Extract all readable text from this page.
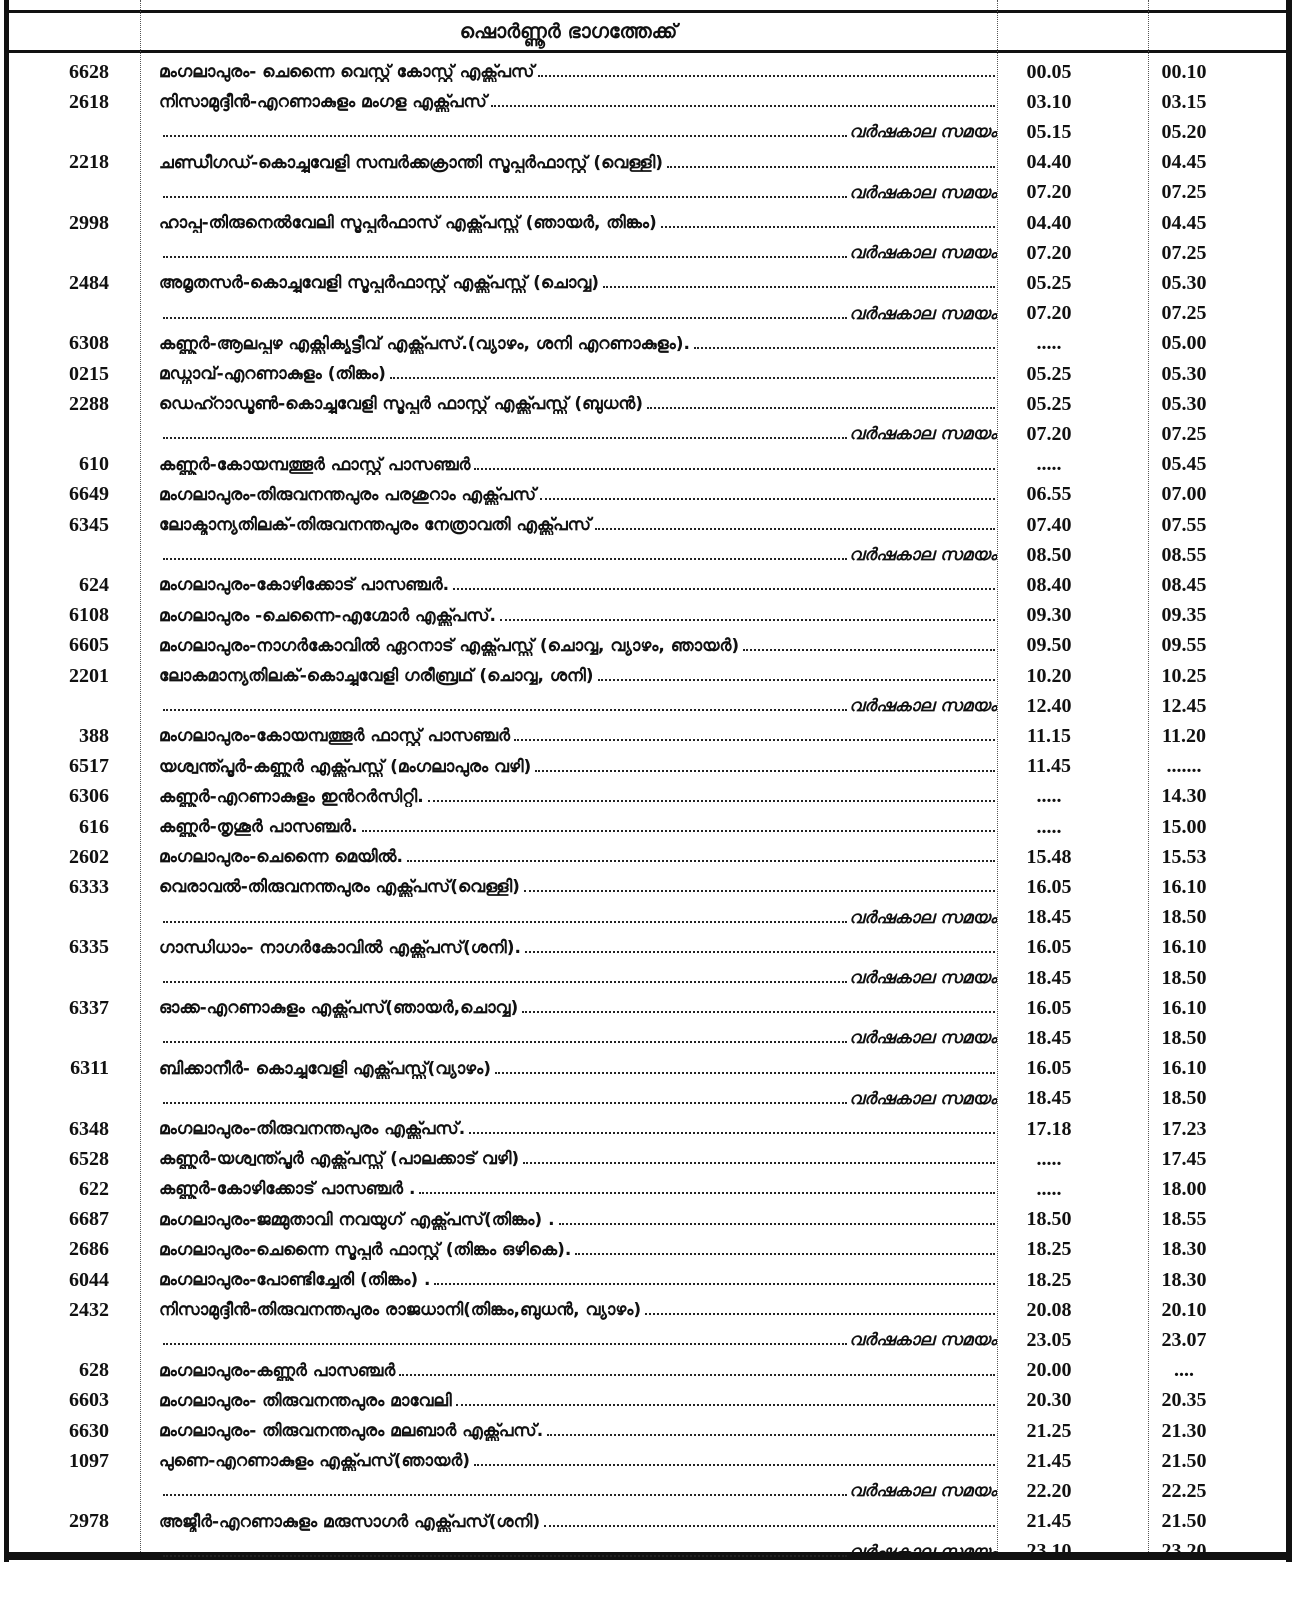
ഷൊർണ്ണൂർ ഭാഗത്തേക്ക്
6628	മംഗലാപുരം- ചെന്നൈ വെസ്റ്റ് കോസ്റ്റ് എക്സ്പ്രസ്	00.05	00.10
2618	നിസാമുദ്ദീൻ-എറണാകുളം മംഗള എക്സ്പ്രസ്	03.10	03.15
വർഷകാല സമയം	05.15	05.20
2218	ചണ്ഡീഗഡ്-കൊച്ചുവേളി സമ്പർക്കക്രാന്തി സൂപ്പർഫാസ്റ്റ് (വെള്ളി)	04.40	04.45
വർഷകാല സമയം	07.20	07.25
2998	ഹാപ്പ-തിരുനെൽവേലി സൂപ്പർഫാസ് എക്സ്പ്രസ്സ് (ഞായർ, തിങ്കം)	04.40	04.45
വർഷകാല സമയം	07.20	07.25
2484	അമൃതസർ-കൊച്ചുവേളി സൂപ്പർഫാസ്റ്റ് എക്സ്പ്രസ്സ് (ചൊവ്വ)	05.25	05.30
വർഷകാല സമയം	07.20	07.25
6308	കണ്ണൂർ-ആലപ്പുഴ എക്സിക്യൂട്ടീവ് എക്സ്പ്രസ്.(വ്യാഴം, ശനി എറണാകുളം).	.....	05.00
0215	മഡ്ഗാവ്-എറണാകുളം (തിങ്കം)	05.25	05.30
2288	ഡെഹ്റാഡൂൺ-കൊച്ചുവേളി സൂപ്പർ ഫാസ്റ്റ് എക്സ്പ്രസ്സ് (ബുധൻ)	05.25	05.30
വർഷകാല സമയം	07.20	07.25
610	കണ്ണൂർ-കോയമ്പത്തൂർ ഫാസ്റ്റ് പാസഞ്ചർ	.....	05.45
6649	മംഗലാപുരം-തിരുവനന്തപുരം പരശുറാം എക്സ്പ്രസ്	06.55	07.00
6345	ലോക്മാന്യതിലക്-തിരുവനന്തപുരം നേത്രാവതി എക്സ്പ്രസ്	07.40	07.55
വർഷകാല സമയം	08.50	08.55
624	മംഗലാപുരം-കോഴിക്കോട് പാസഞ്ചർ.	08.40	08.45
6108	മംഗലാപുരം -ചെന്നൈ-എഗ്മോർ എക്സ്പ്രസ്.	09.30	09.35
6605	മംഗലാപുരം-നാഗർകോവിൽ ഏറനാട് എക്സ്പ്രസ്സ് (ചൊവ്വ, വ്യാഴം, ഞായർ)	09.50	09.55
2201	ലോകമാന്യതിലക്-കൊച്ചുവേളി ഗരീബ്രഥ് (ചൊവ്വ, ശനി)	10.20	10.25
വർഷകാല സമയം	12.40	12.45
388	മംഗലാപുരം-കോയമ്പത്തൂർ ഫാസ്റ്റ് പാസഞ്ചർ	11.15	11.20
6517	യശ്വന്ത്പൂർ-കണ്ണൂർ എക്സ്പ്രസ്സ് (മംഗലാപുരം വഴി)	11.45	.......
6306	കണ്ണൂർ-എറണാകുളം ഇൻറർസിറ്റി.	.....	14.30
616	കണ്ണൂർ-തൃശൂർ പാസഞ്ചർ.	.....	15.00
2602	മംഗലാപുരം-ചെന്നൈ മെയിൽ.	15.48	15.53
6333	വെരാവൽ-തിരുവനന്തപുരം എക്സ്പ്രസ്(വെള്ളി)	16.05	16.10
വർഷകാല സമയം	18.45	18.50
6335	ഗാന്ധിധാം- നാഗർകോവിൽ എക്സ്പ്രസ്(ശനി).	16.05	16.10
വർഷകാല സമയം	18.45	18.50
6337	ഓക്ക-എറണാകുളം എക്സ്പ്രസ്(ഞായർ,ചൊവ്വ)	16.05	16.10
വർഷകാല സമയം	18.45	18.50
6311	ബിക്കാനീർ- കൊച്ചുവേളി എക്സ്പ്രസ്സ്(വ്യാഴം)	16.05	16.10
വർഷകാല സമയം	18.45	18.50
6348	മംഗലാപുരം-തിരുവനന്തപുരം എക്സ്പ്രസ്.	17.18	17.23
6528	കണ്ണൂർ-യശ്വന്ത്പൂർ എക്സ്പ്രസ്സ് (പാലക്കാട് വഴി)	.....	17.45
622	കണ്ണൂർ-കോഴിക്കോട് പാസഞ്ചർ .	.....	18.00
6687	മംഗലാപുരം-ജമ്മുതാവി നവയുഗ് എക്സ്പ്രസ്(തിങ്കം) .	18.50	18.55
2686	മംഗലാപുരം-ചെന്നൈ സൂപ്പർ ഫാസ്റ്റ് (തിങ്കം ഒഴികെ).	18.25	18.30
6044	മംഗലാപുരം-പോണ്ടിച്ചേരി (തിങ്കം) .	18.25	18.30
2432	നിസാമുദ്ദീൻ-തിരുവനന്തപുരം രാജധാനി(തിങ്കം,ബുധൻ, വ്യാഴം)	20.08	20.10
വർഷകാല സമയം	23.05	23.07
628	മംഗലാപുരം-കണ്ണൂർ പാസഞ്ചർ	20.00	....
6603	മംഗലാപുരം- തിരുവനന്തപുരം മാവേലി	20.30	20.35
6630	മംഗലാപുരം- തിരുവനന്തപുരം മലബാർ എക്സ്പ്രസ്.	21.25	21.30
1097	പുണെ-എറണാകുളം എക്സ്പ്രസ്(ഞായർ)	21.45	21.50
വർഷകാല സമയം	22.20	22.25
2978	അജ്മീർ-എറണാകുളം മരുസാഗർ എക്സ്പ്രസ്(ശനി)	21.45	21.50
വർഷകാല സമയം	23.10	23.20
